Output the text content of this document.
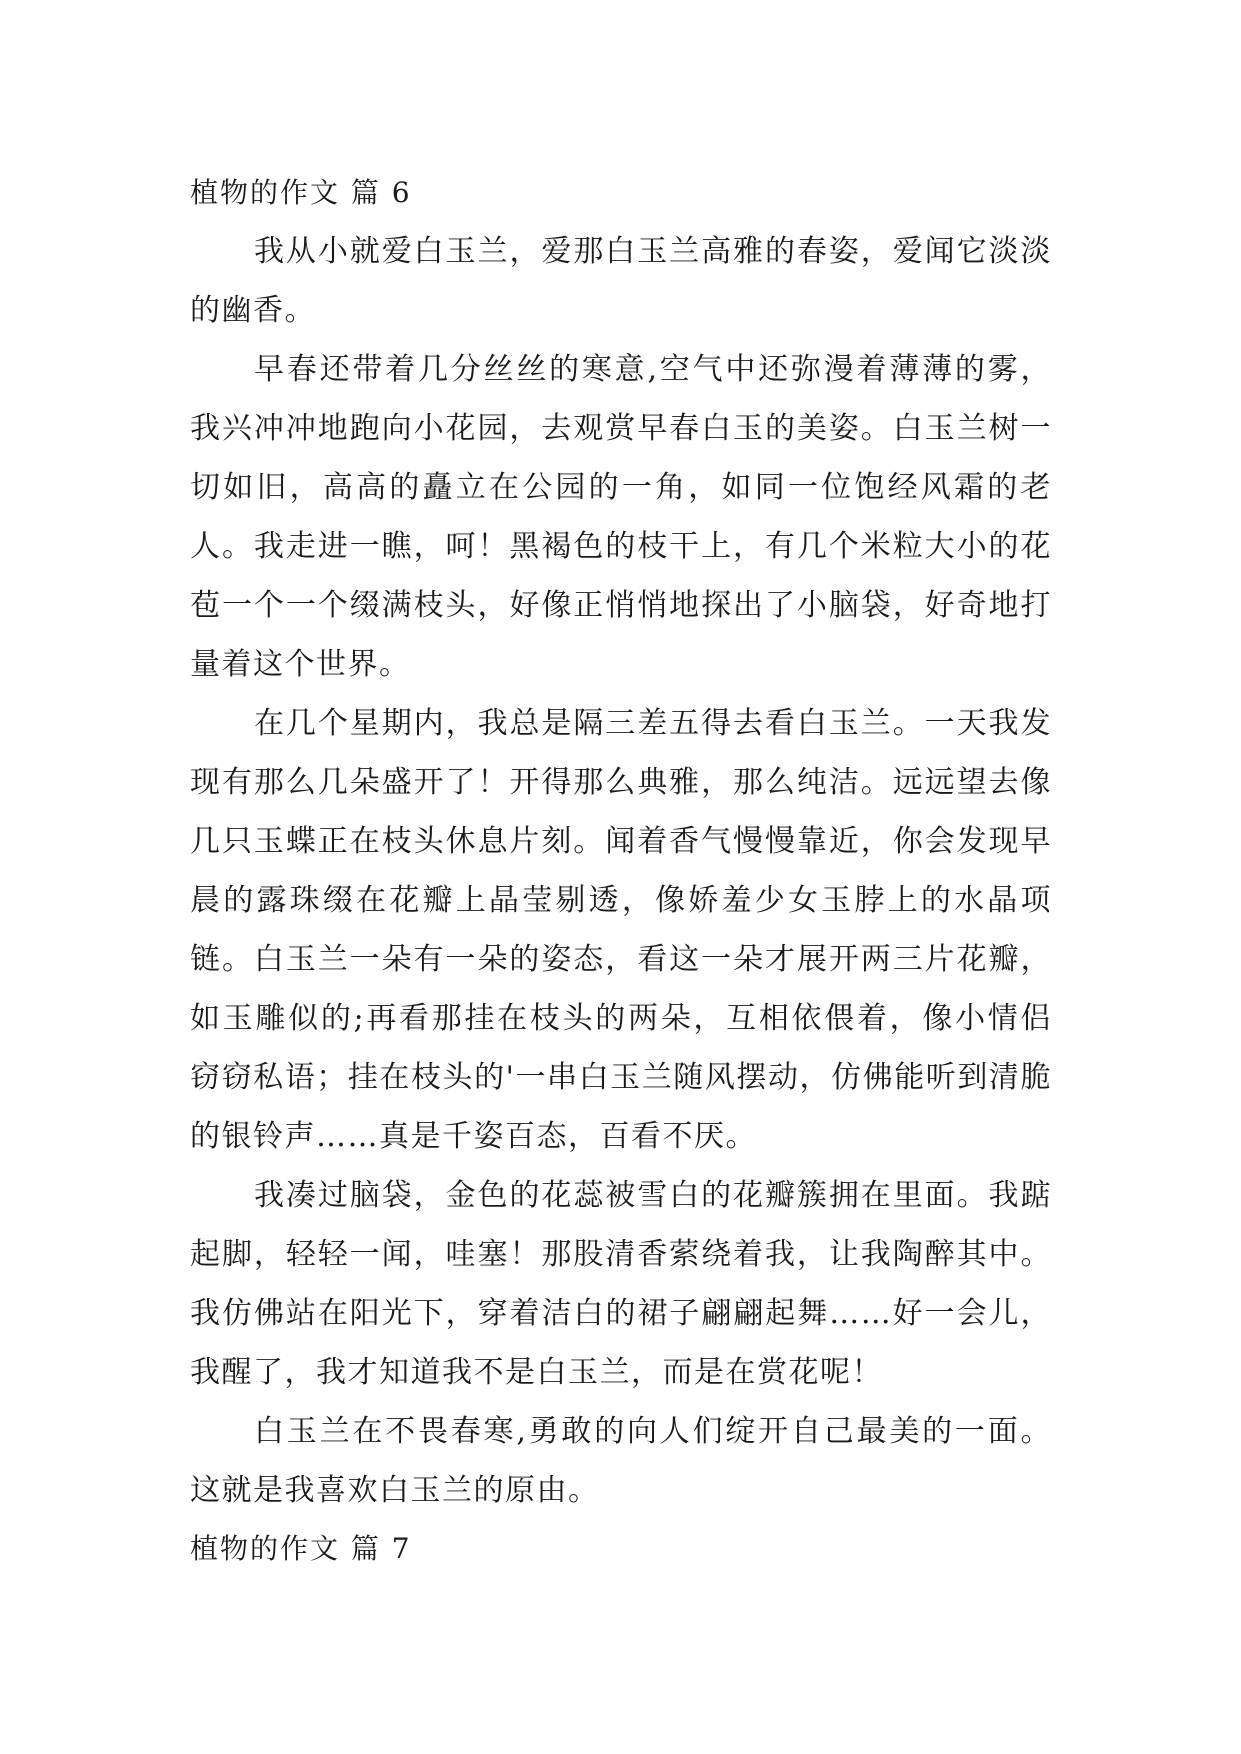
植物的作文 篇 6

我从小就爱白玉兰，爱那白玉兰高雅的春姿，爱闻它淡淡的幽香。

早春还带着几分丝丝的寒意,空气中还弥漫着薄薄的雾，我兴冲冲地跑向小花园，去观赏早春白玉的美姿。白玉兰树一切如旧，高高的矗立在公园的一角，如同一位饱经风霜的老人。我走进一瞧，呵！黑褐色的枝干上，有几个米粒大小的花苞一个一个缀满枝头，好像正悄悄地探出了小脑袋，好奇地打量着这个世界。

在几个星期内，我总是隔三差五得去看白玉兰。一天我发现有那么几朵盛开了！开得那么典雅，那么纯洁。远远望去像几只玉蝶正在枝头休息片刻。闻着香气慢慢靠近，你会发现早晨的露珠缀在花瓣上晶莹剔透，像娇羞少女玉脖上的水晶项链。白玉兰一朵有一朵的姿态，看这一朵才展开两三片花瓣，如玉雕似的;再看那挂在枝头的两朵，互相依偎着，像小情侣窃窃私语；挂在枝头的'一串白玉兰随风摆动，仿佛能听到清脆的银铃声……真是千姿百态，百看不厌。

我凑过脑袋，金色的花蕊被雪白的花瓣簇拥在里面。我踮起脚，轻轻一闻，哇塞！那股清香萦绕着我，让我陶醉其中。我仿佛站在阳光下，穿着洁白的裙子翩翩起舞……好一会儿，我醒了，我才知道我不是白玉兰，而是在赏花呢！

白玉兰在不畏春寒,勇敢的向人们绽开自己最美的一面。这就是我喜欢白玉兰的原由。

植物的作文 篇 7
